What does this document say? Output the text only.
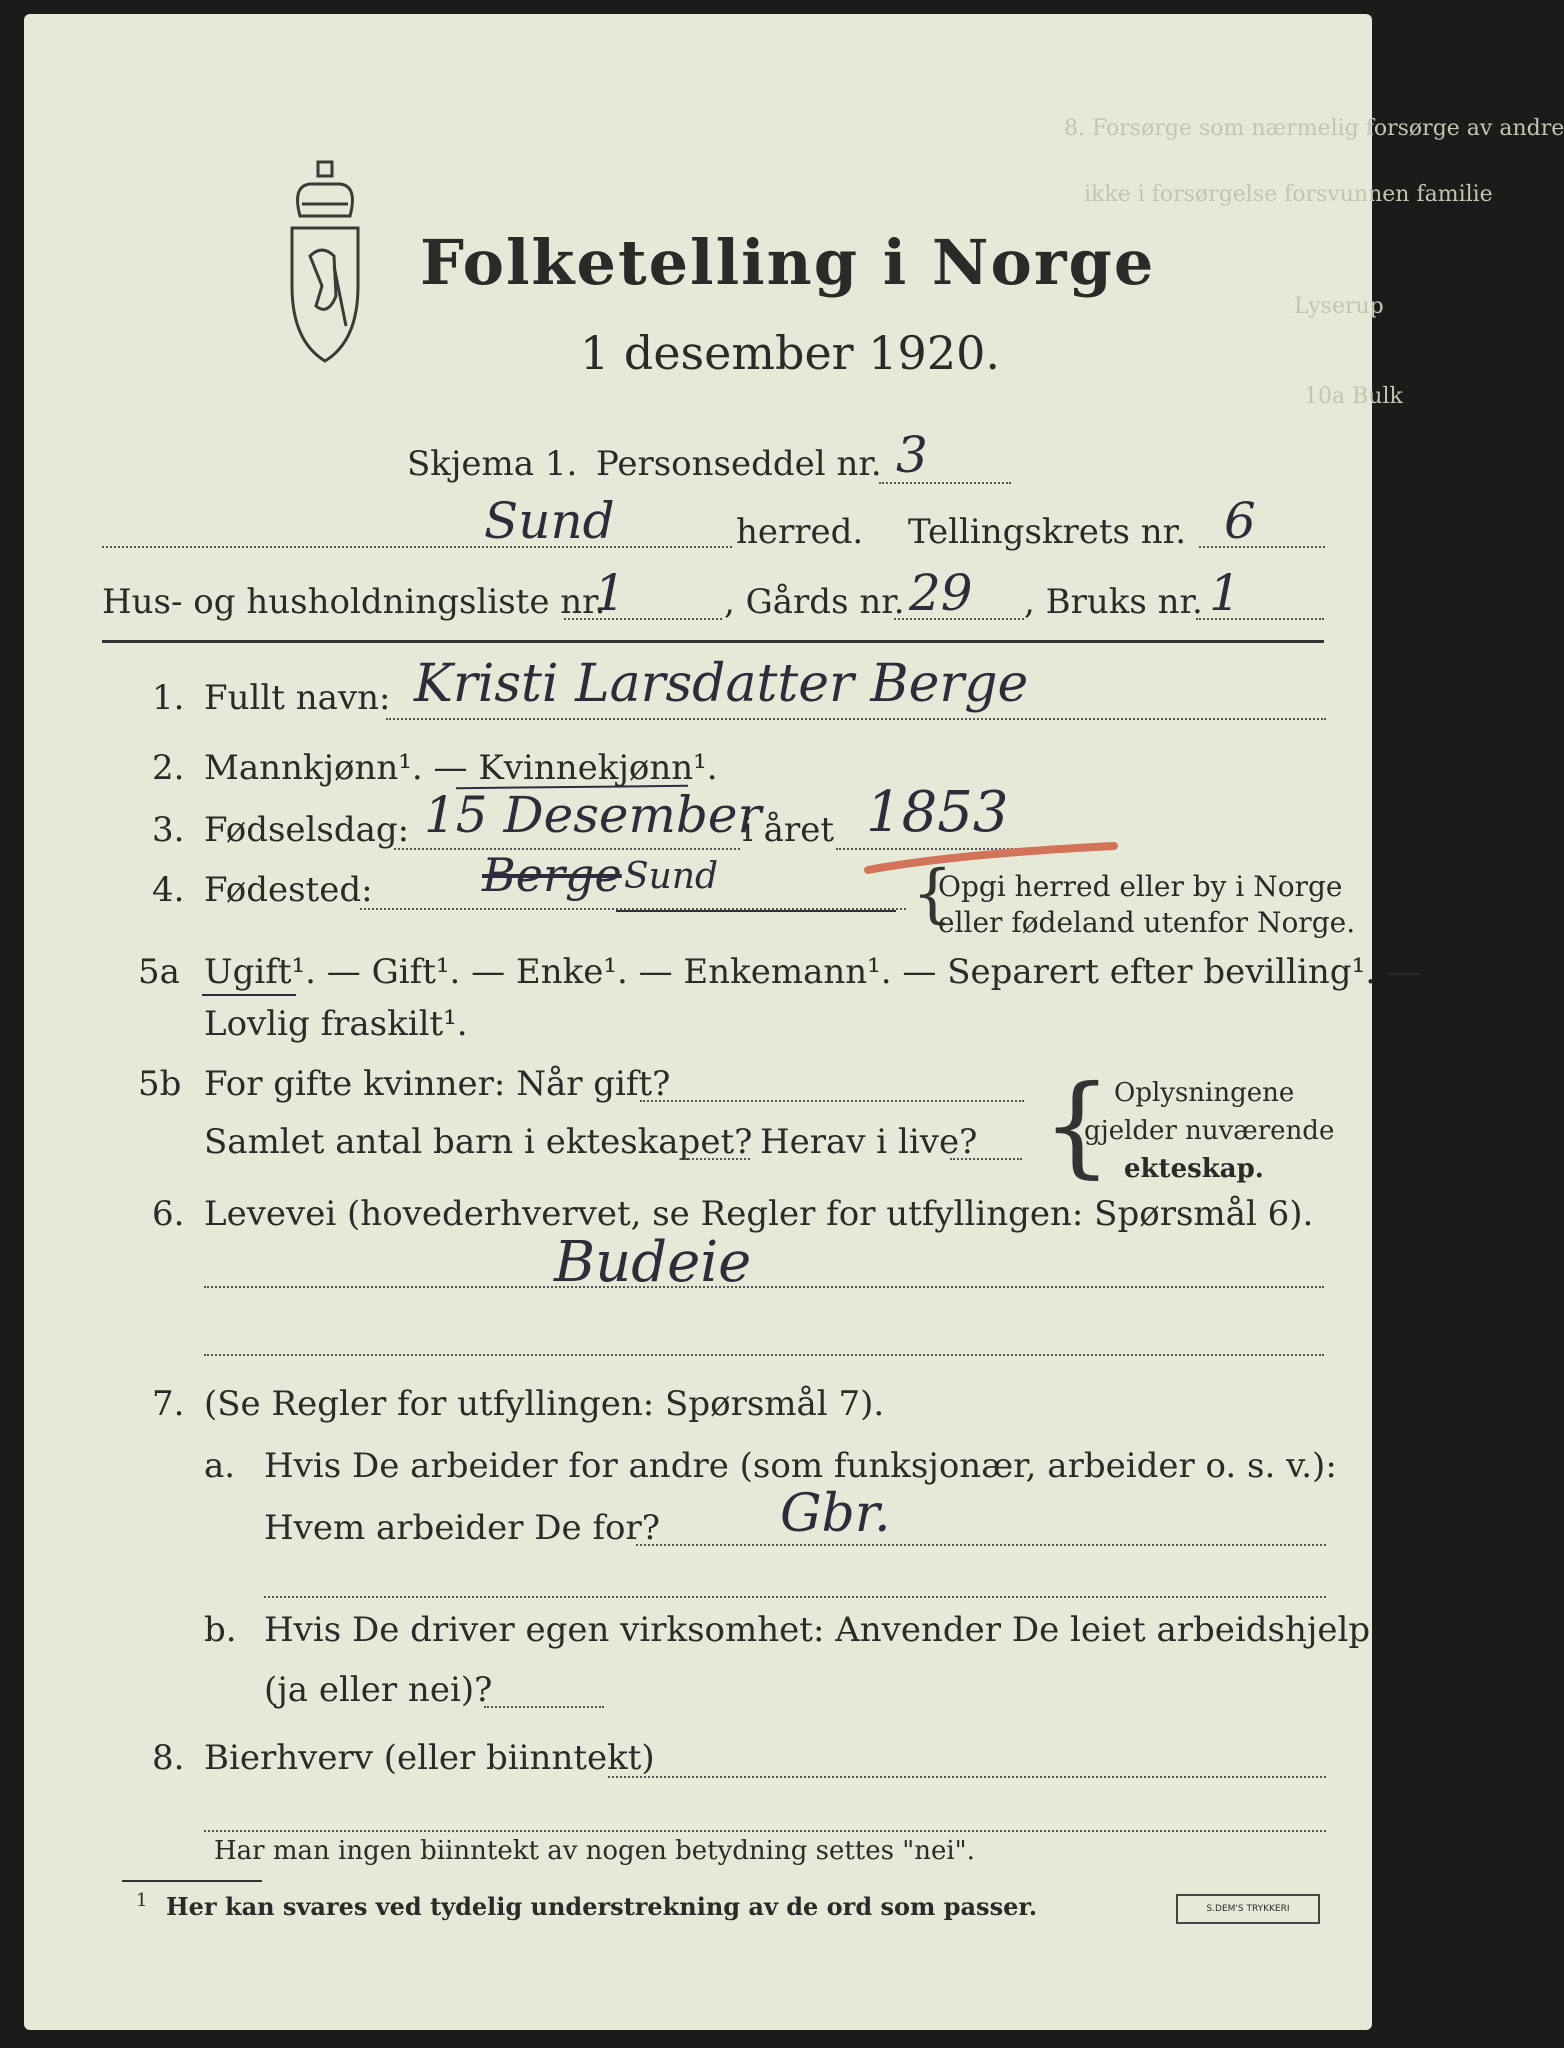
8. Forsørge som nærmelig forsørge av andre
ikke i forsørgelse forsvunnen familie
Lyserup
10a Bulk
Folketelling i Norge
1 desember 1920.
Skjema 1. Personseddel nr. 3
Sund	herred. Tellingskrets nr. 6
Hus- og husholdningsliste nr.
1	, Gårds nr. 29 , Bruks nr. 1
1. Fullt navn: Kristi Larsdatter Berge
2. Mannkjønn¹. — Kvinnekjønn¹.
3. Fødselsdag: 15 Desember
i året 1853
4. Fødested: Berge Sund	{
Opgi herred eller by i Norge
eller fødeland utenfor Norge.
5a Ugift¹. — Gift¹. — Enke¹. — Enkemann¹. — Separert efter bevilling¹. —
Lovlig fraskilt¹.
5b For gifte kvinner: Når gift?
Samlet antal barn i ekteskapet? Herav i live? { Oplysningene
gjelder nuværende
ekteskap.
6. Levevei (hovederhvervet, se Regler for utfyllingen: Spørsmål 6).
Budeie
7. (Se Regler for utfyllingen: Spørsmål 7).
a. Hvis De arbeider for andre (som funksjonær, arbeider o. s. v.):
Hvem arbeider De for? Gbr.
b. Hvis De driver egen virksomhet: Anvender De leiet arbeidshjelp
(ja eller nei)?
8. Bierhverv (eller biinntekt)
Har man ingen biinntekt av nogen betydning settes "nei".
1 Her kan svares ved tydelig understrekning av de ord som passer.	S.DEM'S TRYKKERI
